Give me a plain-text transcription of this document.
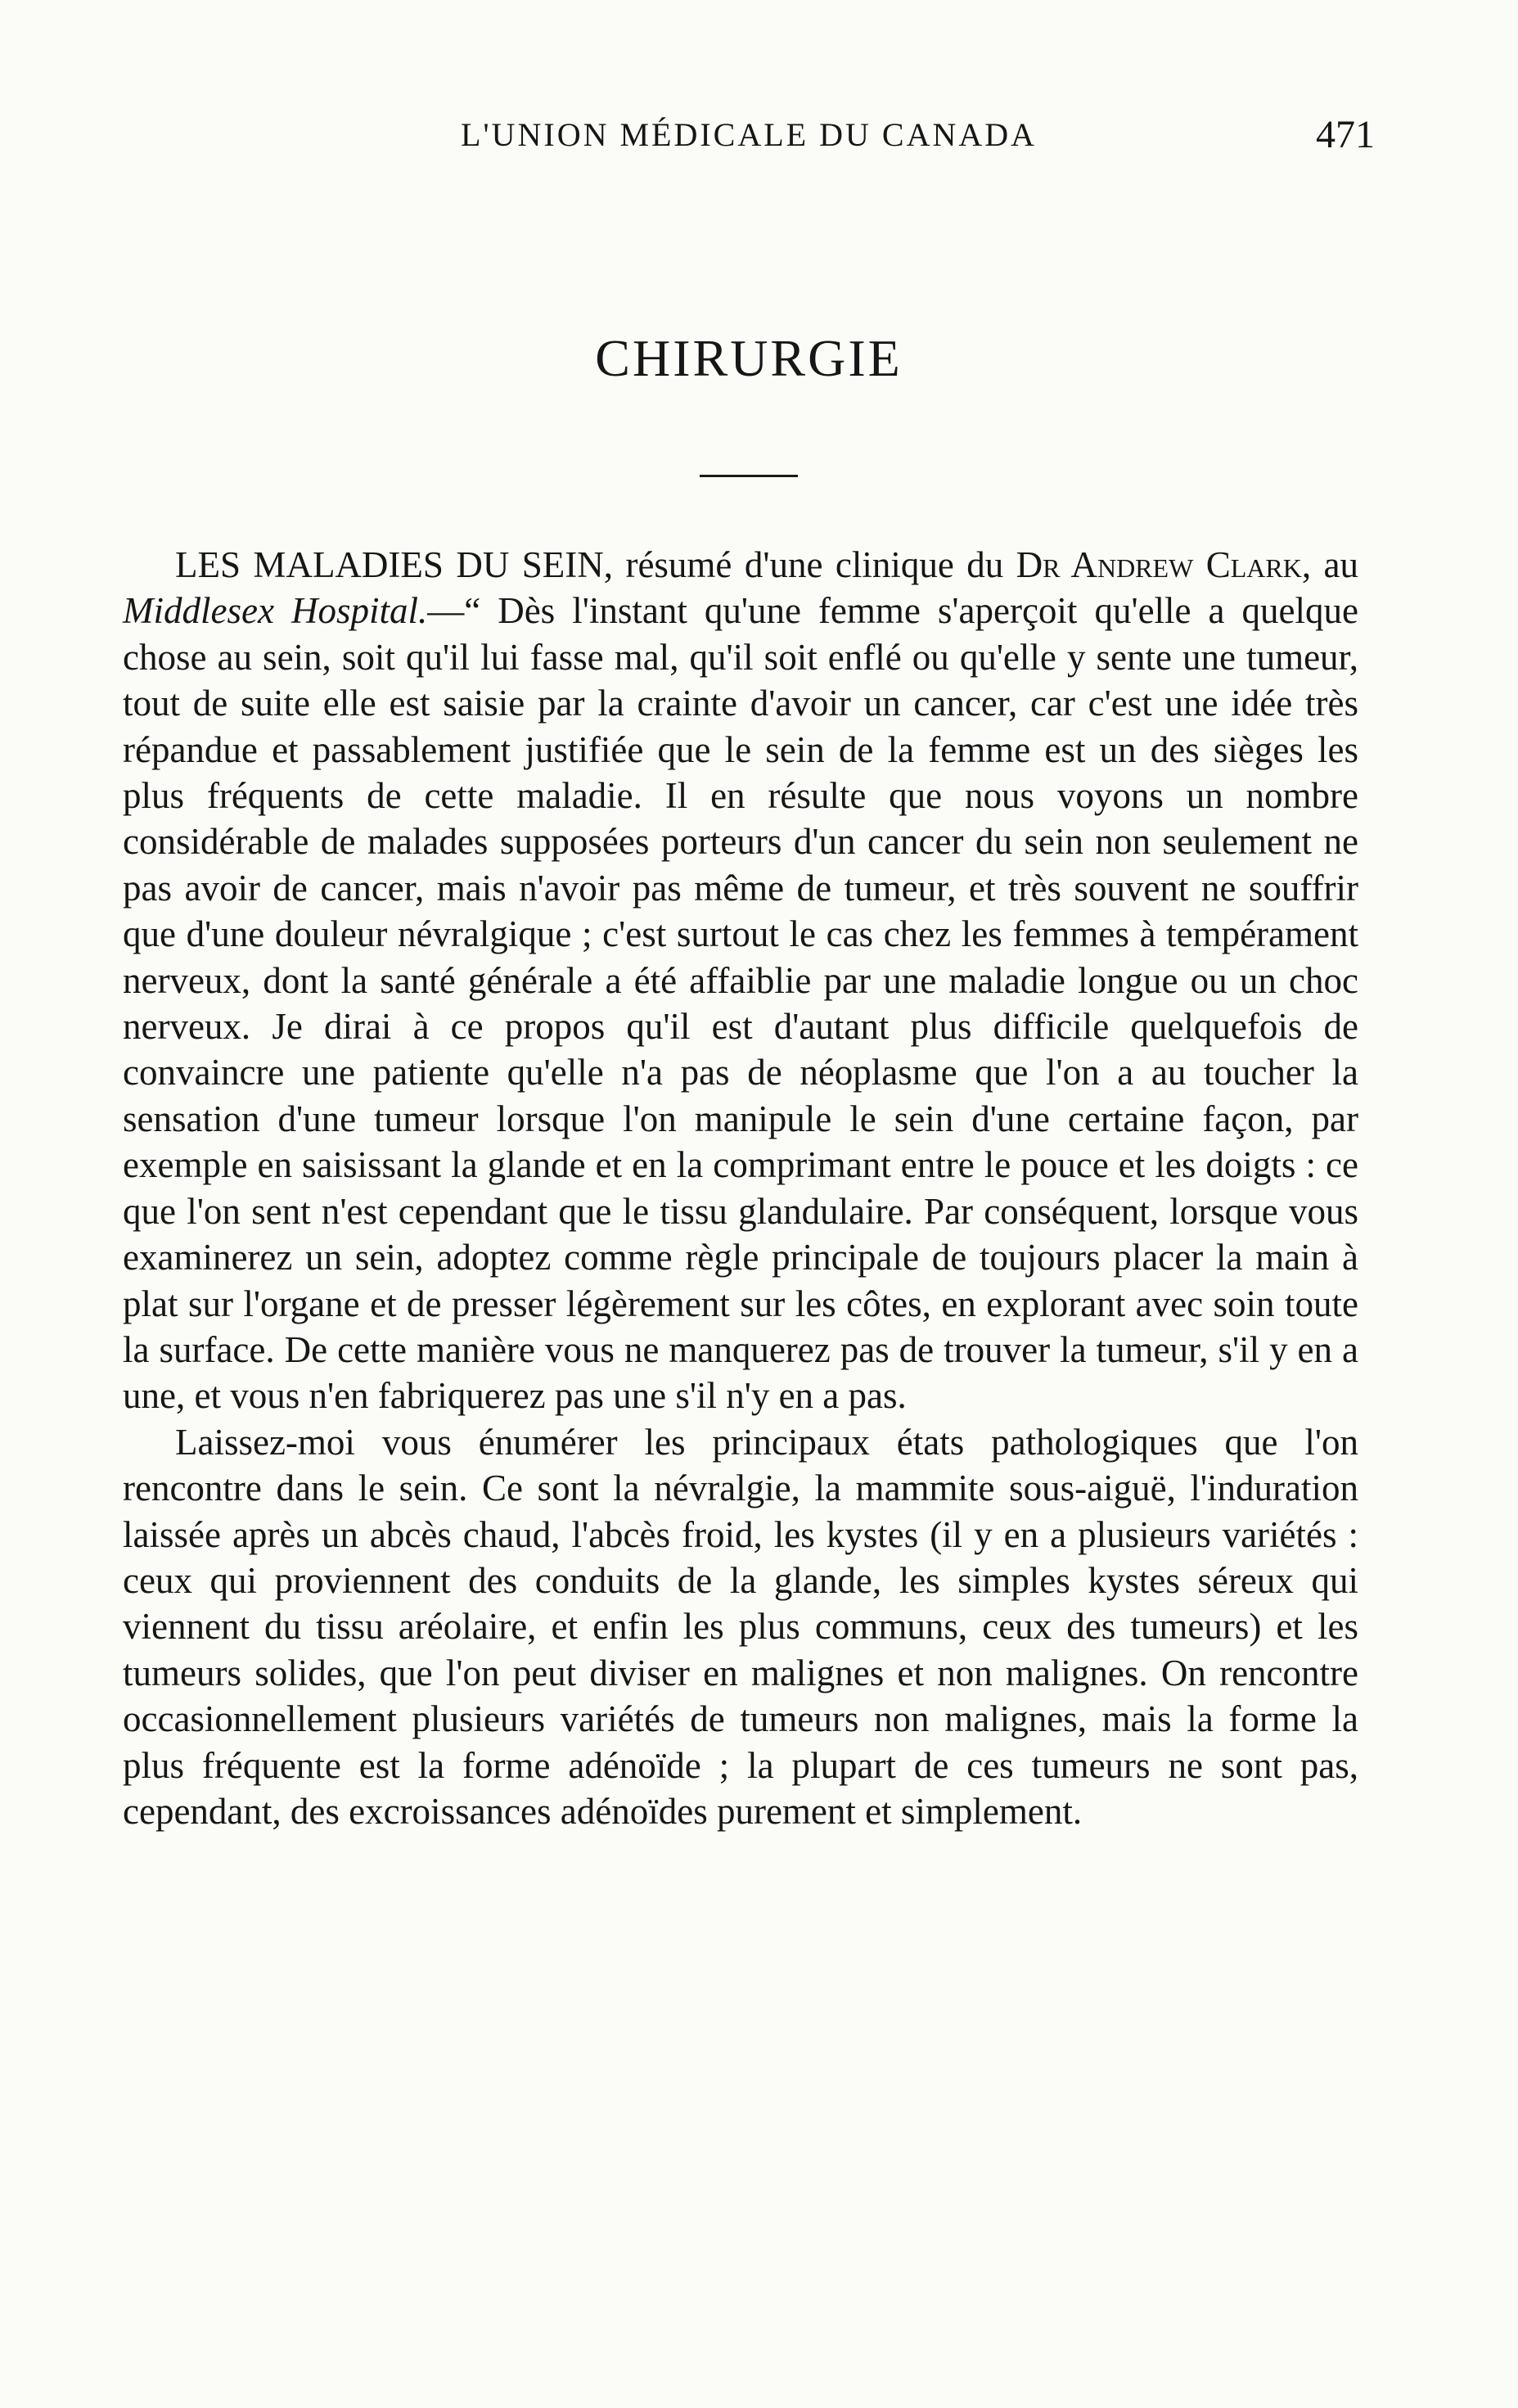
L'UNION MÉDICALE DU CANADA	471
CHIRURGIE

LES MALADIES DU SEIN, résumé d'une clinique du Dr Andrew Clark, au Middlesex Hospital.—“ Dès l'instant qu'une femme s'aperçoit qu'elle a quelque chose au sein, soit qu'il lui fasse mal, qu'il soit enflé ou qu'elle y sente une tumeur, tout de suite elle est saisie par la crainte d'avoir un cancer, car c'est une idée très répandue et passablement justifiée que le sein de la femme est un des sièges les plus fréquents de cette maladie. Il en résulte que nous voyons un nombre considérable de malades supposées porteurs d'un cancer du sein non seulement ne pas avoir de cancer, mais n'avoir pas même de tumeur, et très souvent ne souffrir que d'une douleur névralgique ; c'est surtout le cas chez les femmes à tempérament nerveux, dont la santé générale a été affaiblie par une maladie longue ou un choc nerveux. Je dirai à ce propos qu'il est d'autant plus difficile quelquefois de convaincre une patiente qu'elle n'a pas de néoplasme que l'on a au toucher la sensation d'une tumeur lorsque l'on manipule le sein d'une certaine façon, par exemple en saisissant la glande et en la comprimant entre le pouce et les doigts : ce que l'on sent n'est cependant que le tissu glandulaire. Par conséquent, lorsque vous examinerez un sein, adoptez comme règle principale de toujours placer la main à plat sur l'organe et de presser légèrement sur les côtes, en explorant avec soin toute la surface. De cette manière vous ne manquerez pas de trouver la tumeur, s'il y en a une, et vous n'en fabriquerez pas une s'il n'y en a pas.

Laissez-moi vous énumérer les principaux états pathologiques que l'on rencontre dans le sein. Ce sont la névralgie, la mammite sous-aiguë, l'induration laissée après un abcès chaud, l'abcès froid, les kystes (il y en a plusieurs variétés : ceux qui proviennent des conduits de la glande, les simples kystes séreux qui viennent du tissu aréolaire, et enfin les plus communs, ceux des tumeurs) et les tumeurs solides, que l'on peut diviser en malignes et non malignes. On rencontre occasionnellement plusieurs variétés de tumeurs non malignes, mais la forme la plus fréquente est la forme adénoïde ; la plupart de ces tumeurs ne sont pas, cependant, des excroissances adénoïdes purement et simplement.
